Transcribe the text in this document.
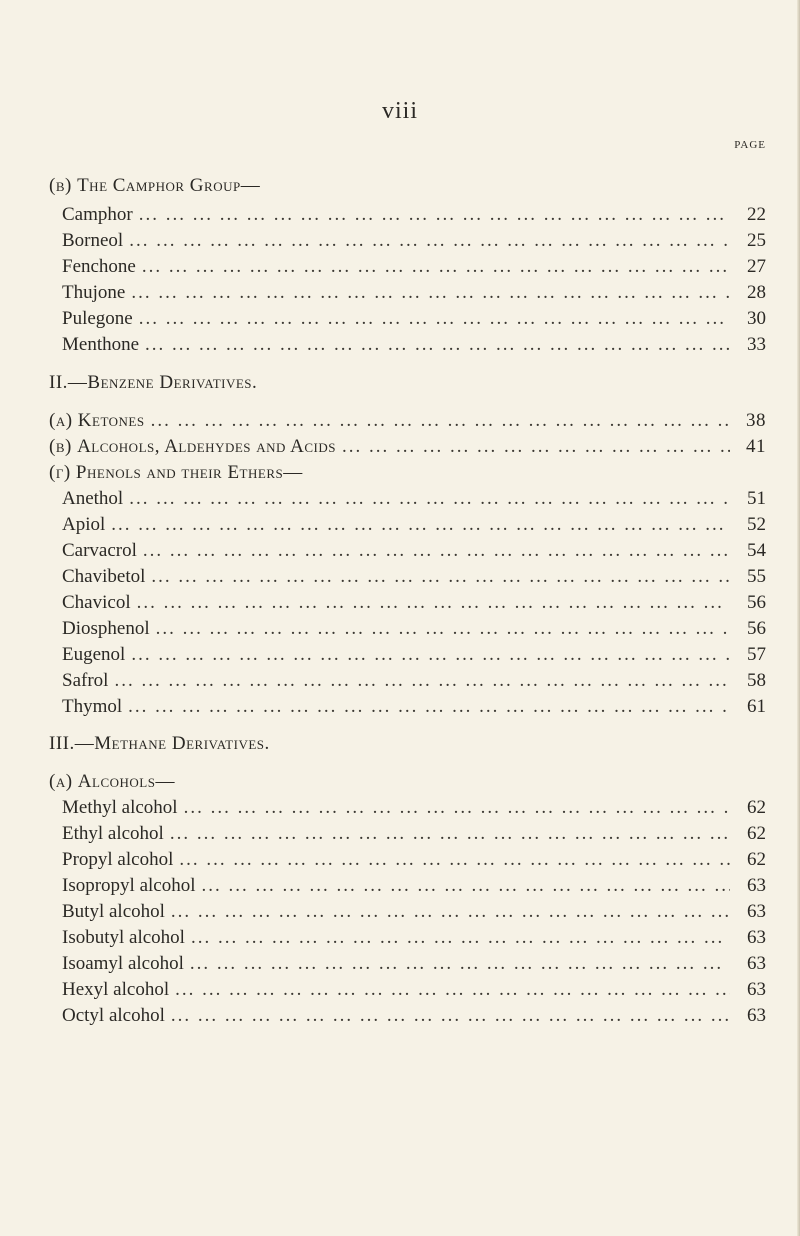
viii
PAGE
(β) The Camphor Group—
Camphor ... .	22
Borneol ... .	25
Fenchone ... .	27
Thujone ... .	28
Pulegone ... .	30
Menthone ... .	33
II.—Benzene Derivatives.
(α) Ketones ... .	38
(β) Alcohols, Aldehydes and Acids ... .	41
(γ) Phenols and their Ethers—
Anethol ... .	51
Apiol ... .	52
Carvacrol ... .	54
Chavibetol ... .	55
Chavicol ... .	56
Diosphenol ... .	56
Eugenol ... .	57
Safrol ... .	58
Thymol ... .	61
III.—Methane Derivatives.
(α) Alcohols—
Methyl alcohol ... .	62
Ethyl alcohol ... .	62
Propyl alcohol ... .	62
Isopropyl alcohol ... .	63
Butyl alcohol ... .	63
Isobutyl alcohol ... .	63
Isoamyl alcohol ... .	63
Hexyl alcohol ... .	63
Octyl alcohol ... .	63
